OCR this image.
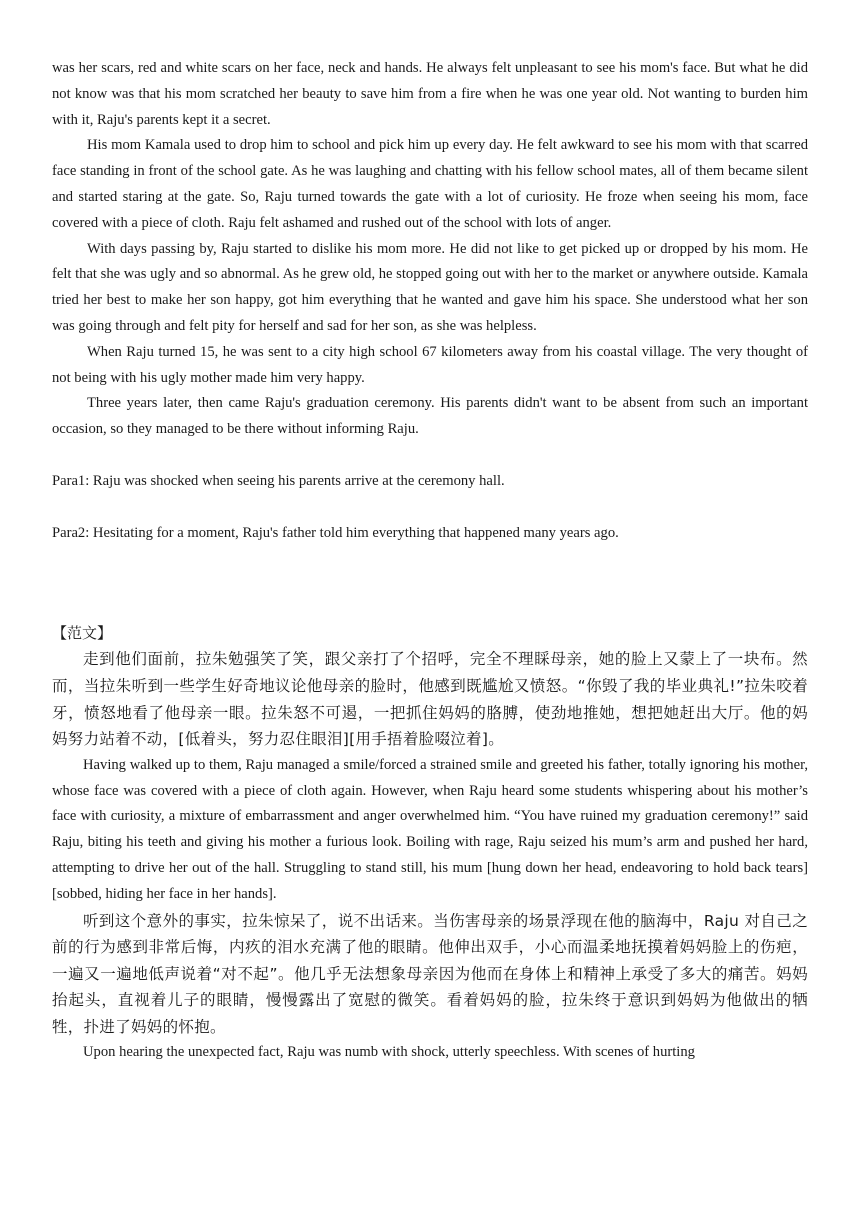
was her scars, red and white scars on her face, neck and hands. He always felt unpleasant to see his mom's face. But what he did not know was that his mom scratched her beauty to save him from a fire when he was one year old. Not wanting to burden him with it, Raju's parents kept it a secret.

His mom Kamala used to drop him to school and pick him up every day. He felt awkward to see his mom with that scarred face standing in front of the school gate. As he was laughing and chatting with his fellow school mates, all of them became silent and started staring at the gate. So, Raju turned towards the gate with a lot of curiosity. He froze when seeing his mom, face covered with a piece of cloth. Raju felt ashamed and rushed out of the school with lots of anger.

With days passing by, Raju started to dislike his mom more. He did not like to get picked up or dropped by his mom. He felt that she was ugly and so abnormal. As he grew old, he stopped going out with her to the market or anywhere outside. Kamala tried her best to make her son happy, got him everything that he wanted and gave him his space. She understood what her son was going through and felt pity for herself and sad for her son, as she was helpless.

When Raju turned 15, he was sent to a city high school 67 kilometers away from his coastal village. The very thought of not being with his ugly mother made him very happy.

Three years later, then came Raju's graduation ceremony. His parents didn't want to be absent from such an important occasion, so they managed to be there without informing Raju.

Para1: Raju was shocked when seeing his parents arrive at the ceremony hall.

Para2: Hesitating for a moment, Raju's father told him everything that happened many years ago.

【范文】

走到他们面前，拉朱勉强笑了笑，跟父亲打了个招呼，完全不理睬母亲，她的脸上又蒙上了一块布。然而，当拉朱听到一些学生好奇地议论他母亲的脸时，他感到既尴尬又愤怒。“你毁了我的毕业典礼!”拉朱咬着牙，愤怒地看了他母亲一眼。拉朱怒不可遏，一把抓住妈妈的胳膊，使劲地推她，想把她赶出大厅。他的妈妈努力站着不动，[低着头，努力忍住眼泪][用手捂着脸啜泣着]。

Having walked up to them, Raju managed a smile/forced a strained smile and greeted his father, totally ignoring his mother, whose face was covered with a piece of cloth again. However, when Raju heard some students whispering about his mother’s face with curiosity, a mixture of embarrassment and anger overwhelmed him. “You have ruined my graduation ceremony!” said Raju, biting his teeth and giving his mother a furious look. Boiling with rage, Raju seized his mum’s arm and pushed her hard, attempting to drive her out of the hall. Struggling to stand still, his mum [hung down her head, endeavoring to hold back tears][sobbed, hiding her face in her hands].

听到这个意外的事实，拉朱惊呆了，说不出话来。当伤害母亲的场景浮现在他的脑海中，Raju 对自己之前的行为感到非常后悔，内疚的泪水充满了他的眼睛。他伸出双手，小心而温柔地抚摸着妈妈脸上的伤疤，一遍又一遍地低声说着“对不起”。他几乎无法想象母亲因为他而在身体上和精神上承受了多大的痛苦。妈妈抬起头，直视着儿子的眼睛，慢慢露出了宽慰的微笑。看着妈妈的脸，拉朱终于意识到妈妈为他做出的牺牲，扑进了妈妈的怀抱。

Upon hearing the unexpected fact, Raju was numb with shock, utterly speechless. With scenes of hurting
